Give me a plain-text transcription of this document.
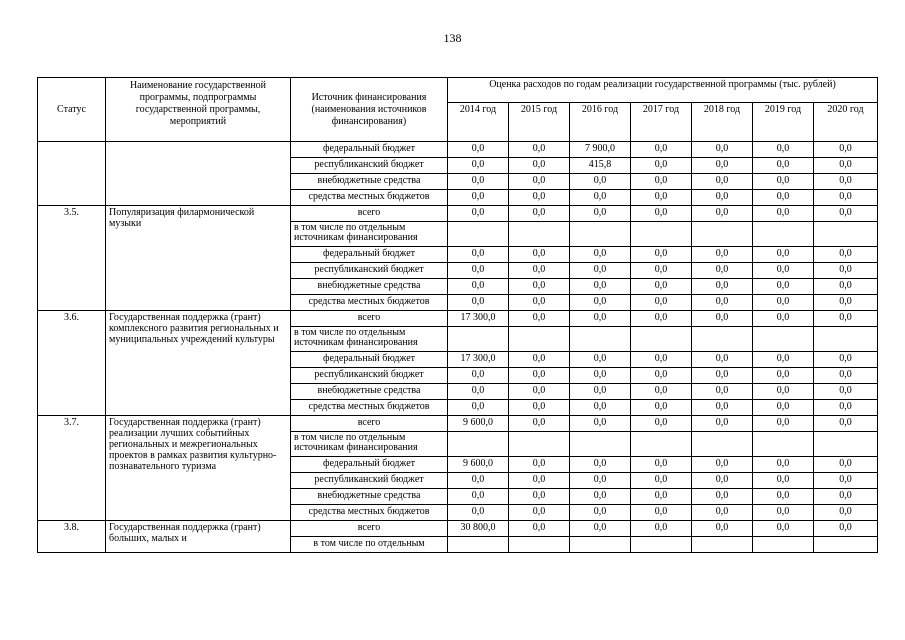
138
Статус	Наименование государственной программы, подпрограммы государственной программы, мероприятий	Источник финансирования (наименования источников финансирования)	Оценка расходов по годам реализации государственной программы (тыс. рублей)						
			2014 год	2015 год	2016 год	2017 год	2018 год	2019 год	2020 год
		федеральный бюджет	0,0	0,0	7 900,0	0,0	0,0	0,0	0,0
		республиканский бюджет	0,0	0,0	415,8	0,0	0,0	0,0	0,0
		внебюджетные средства	0,0	0,0	0,0	0,0	0,0	0,0	0,0
		средства местных бюджетов	0,0	0,0	0,0	0,0	0,0	0,0	0,0
3.5.	Популяризация филармонической музыки	всего	0,0	0,0	0,0	0,0	0,0	0,0	0,0
		в том числе по отдельным источникам финансирования							
		федеральный бюджет	0,0	0,0	0,0	0,0	0,0	0,0	0,0
		республиканский бюджет	0,0	0,0	0,0	0,0	0,0	0,0	0,0
		внебюджетные средства	0,0	0,0	0,0	0,0	0,0	0,0	0,0
		средства местных бюджетов	0,0	0,0	0,0	0,0	0,0	0,0	0,0
3.6.	Государственная поддержка (грант) комплексного развития региональных и муниципальных учреждений культуры	всего	17 300,0	0,0	0,0	0,0	0,0	0,0	0,0
		в том числе по отдельным источникам финансирования							
		федеральный бюджет	17 300,0	0,0	0,0	0,0	0,0	0,0	0,0
		республиканский бюджет	0,0	0,0	0,0	0,0	0,0	0,0	0,0
		внебюджетные средства	0,0	0,0	0,0	0,0	0,0	0,0	0,0
		средства местных бюджетов	0,0	0,0	0,0	0,0	0,0	0,0	0,0
3.7.	Государственная поддержка (грант) реализации лучших событийных региональных и межрегиональных проектов в рамках развития культурно-познавательного туризма	всего	9 600,0	0,0	0,0	0,0	0,0	0,0	0,0
		в том числе по отдельным источникам финансирования							
		федеральный бюджет	9 600,0	0,0	0,0	0,0	0,0	0,0	0,0
		республиканский бюджет	0,0	0,0	0,0	0,0	0,0	0,0	0,0
		внебюджетные средства	0,0	0,0	0,0	0,0	0,0	0,0	0,0
		средства местных бюджетов	0,0	0,0	0,0	0,0	0,0	0,0	0,0
3.8.	Государственная поддержка (грант) больших, малых и	всего	30 800,0	0,0	0,0	0,0	0,0	0,0	0,0
		в том числе по отдельным							
